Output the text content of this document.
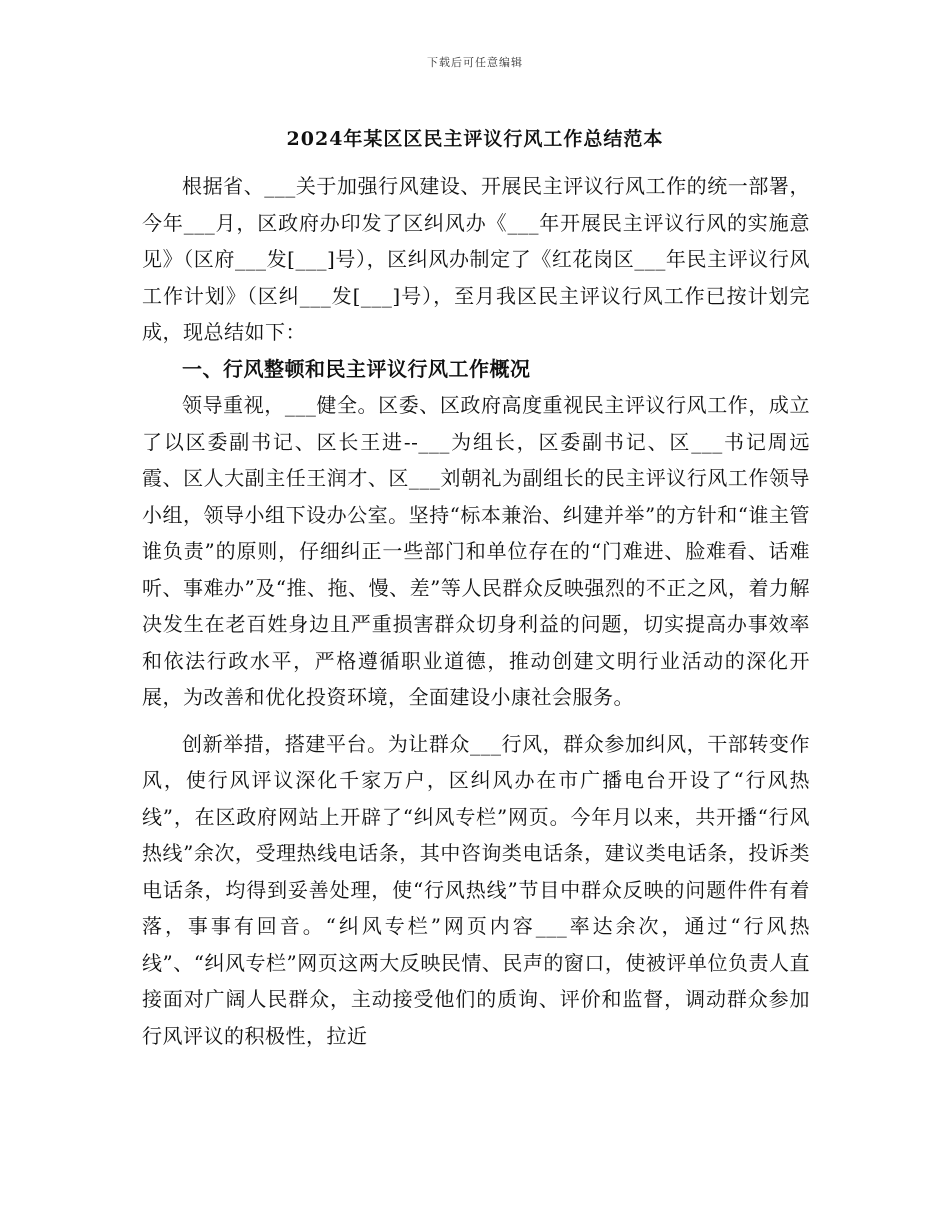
下载后可任意编辑
2024年某区区民主评议行风工作总结范本

根据省、___关于加强行风建设、开展民主评议行风工作的统一部署，今年___月，区政府办印发了区纠风办《___年开展民主评议行风的实施意见》（区府___发[___]号），区纠风办制定了《红花岗区___年民主评议行风工作计划》（区纠___发[___]号），至月我区民主评议行风工作已按计划完成，现总结如下：

一、行风整顿和民主评议行风工作概况

领导重视，___健全。区委、区政府高度重视民主评议行风工作，成立了以区委副书记、区长王进--___为组长，区委副书记、区___书记周远霞、区人大副主任王润才、区___刘朝礼为副组长的民主评议行风工作领导小组，领导小组下设办公室。坚持“标本兼治、纠建并举”的方针和“谁主管谁负责”的原则，仔细纠正一些部门和单位存在的“门难进、脸难看、话难听、事难办”及“推、拖、慢、差”等人民群众反映强烈的不正之风，着力解决发生在老百姓身边且严重损害群众切身利益的问题，切实提高办事效率和依法行政水平，严格遵循职业道德，推动创建文明行业活动的深化开展，为改善和优化投资环境，全面建设小康社会服务。

创新举措，搭建平台。为让群众___行风，群众参加纠风，干部转变作风，使行风评议深化千家万户，区纠风办在市广播电台开设了“行风热线”，在区政府网站上开辟了“纠风专栏”网页。今年月以来，共开播“行风热线”余次，受理热线电话条，其中咨询类电话条，建议类电话条，投诉类电话条，均得到妥善处理，使“行风热线”节目中群众反映的问题件件有着落，事事有回音。“纠风专栏”网页内容___率达余次，通过“行风热线”、“纠风专栏”网页这两大反映民情、民声的窗口，使被评单位负责人直接面对广阔人民群众，主动接受他们的质询、评价和监督，调动群众参加行风评议的积极性，拉近
